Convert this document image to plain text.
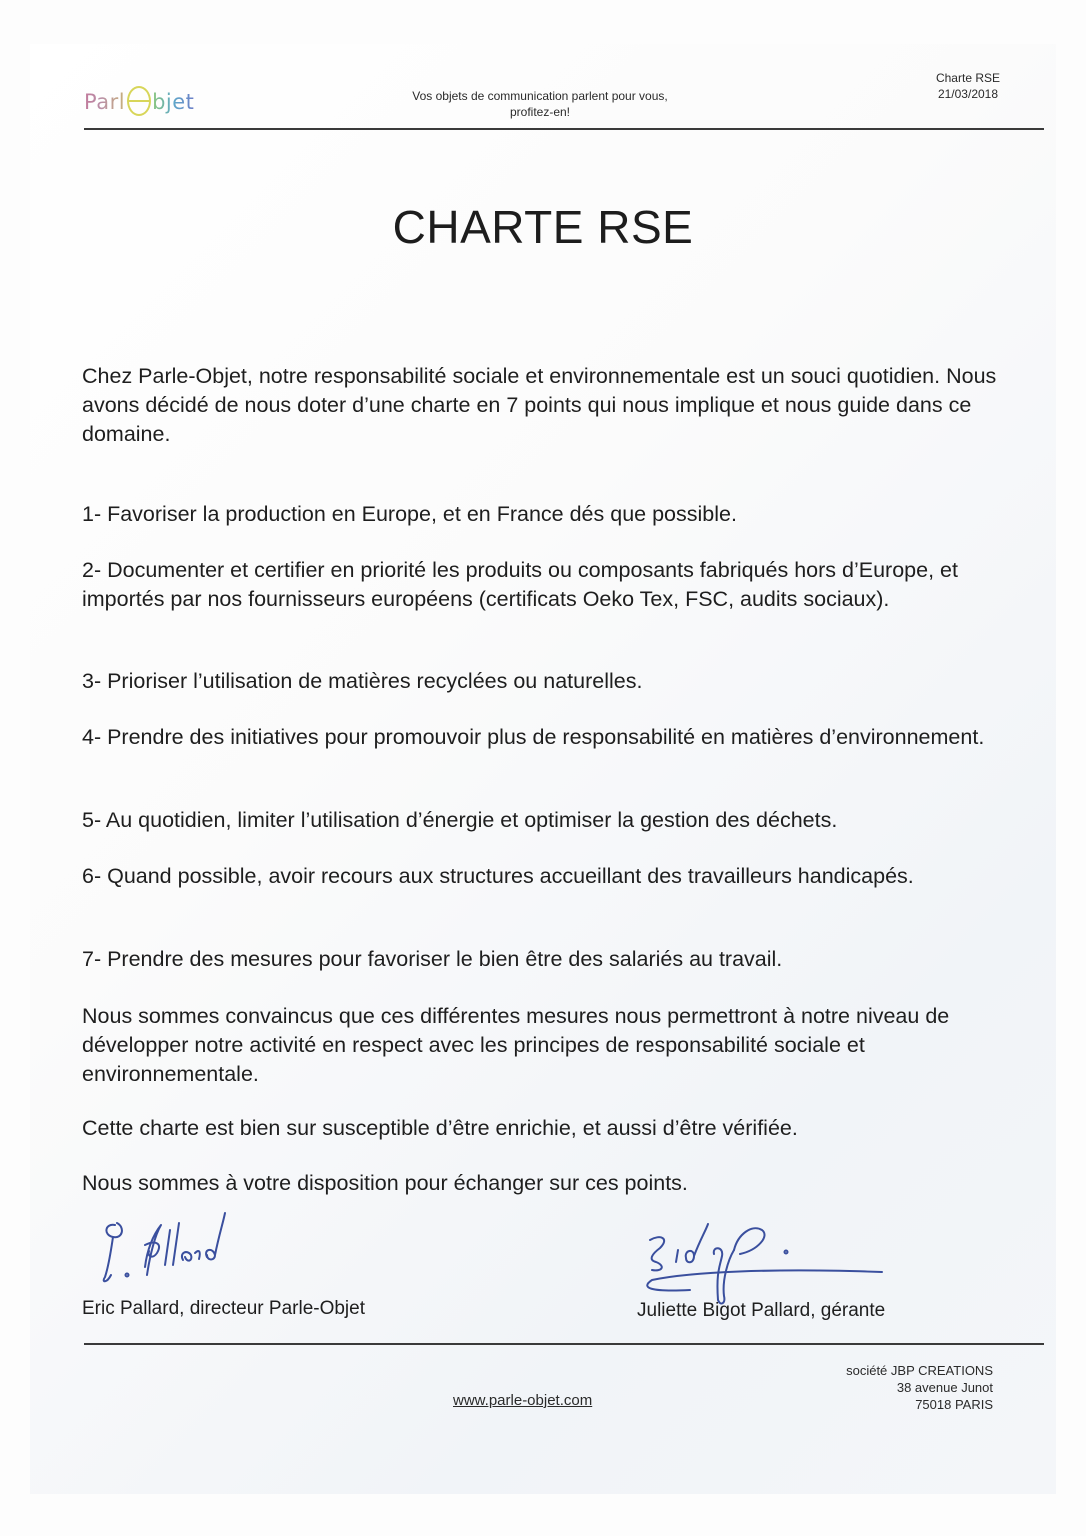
Parl bjet	Vos objets de communication parlent pour vous,
profitez-en!
Charte RSE
21/03/2018
CHARTE RSE

Chez Parle-Objet, notre responsabilité sociale et environnementale est un souci quotidien. Nous avons décidé de nous doter d’une charte en 7 points qui nous implique et nous guide dans ce domaine.

1- Favoriser la production en Europe, et en France dés que possible.

2- Documenter et certifier en priorité les produits ou composants fabriqués hors d’Europe, et importés par nos fournisseurs européens (certificats Oeko Tex, FSC, audits sociaux).

3- Prioriser l’utilisation de matières recyclées ou naturelles.

4- Prendre des initiatives pour promouvoir plus de responsabilité en matières d’environnement.

5- Au quotidien, limiter l’utilisation d’énergie et optimiser la gestion des déchets.

6- Quand possible, avoir recours aux structures accueillant des travailleurs handicapés.

7- Prendre des mesures pour favoriser le bien être des salariés au travail.

Nous sommes convaincus que ces différentes mesures nous permettront à notre niveau de développer notre activité en respect avec les principes de responsabilité sociale et environnementale.

Cette charte est bien sur susceptible d’être enrichie, et aussi d’être vérifiée.

Nous sommes à votre disposition pour échanger sur ces points.

Eric Pallard, directeur Parle-Objet	Juliette Bigot Pallard, gérante
www.parle-objet.com
société JBP CREATIONS
38 avenue Junot
75018 PARIS
